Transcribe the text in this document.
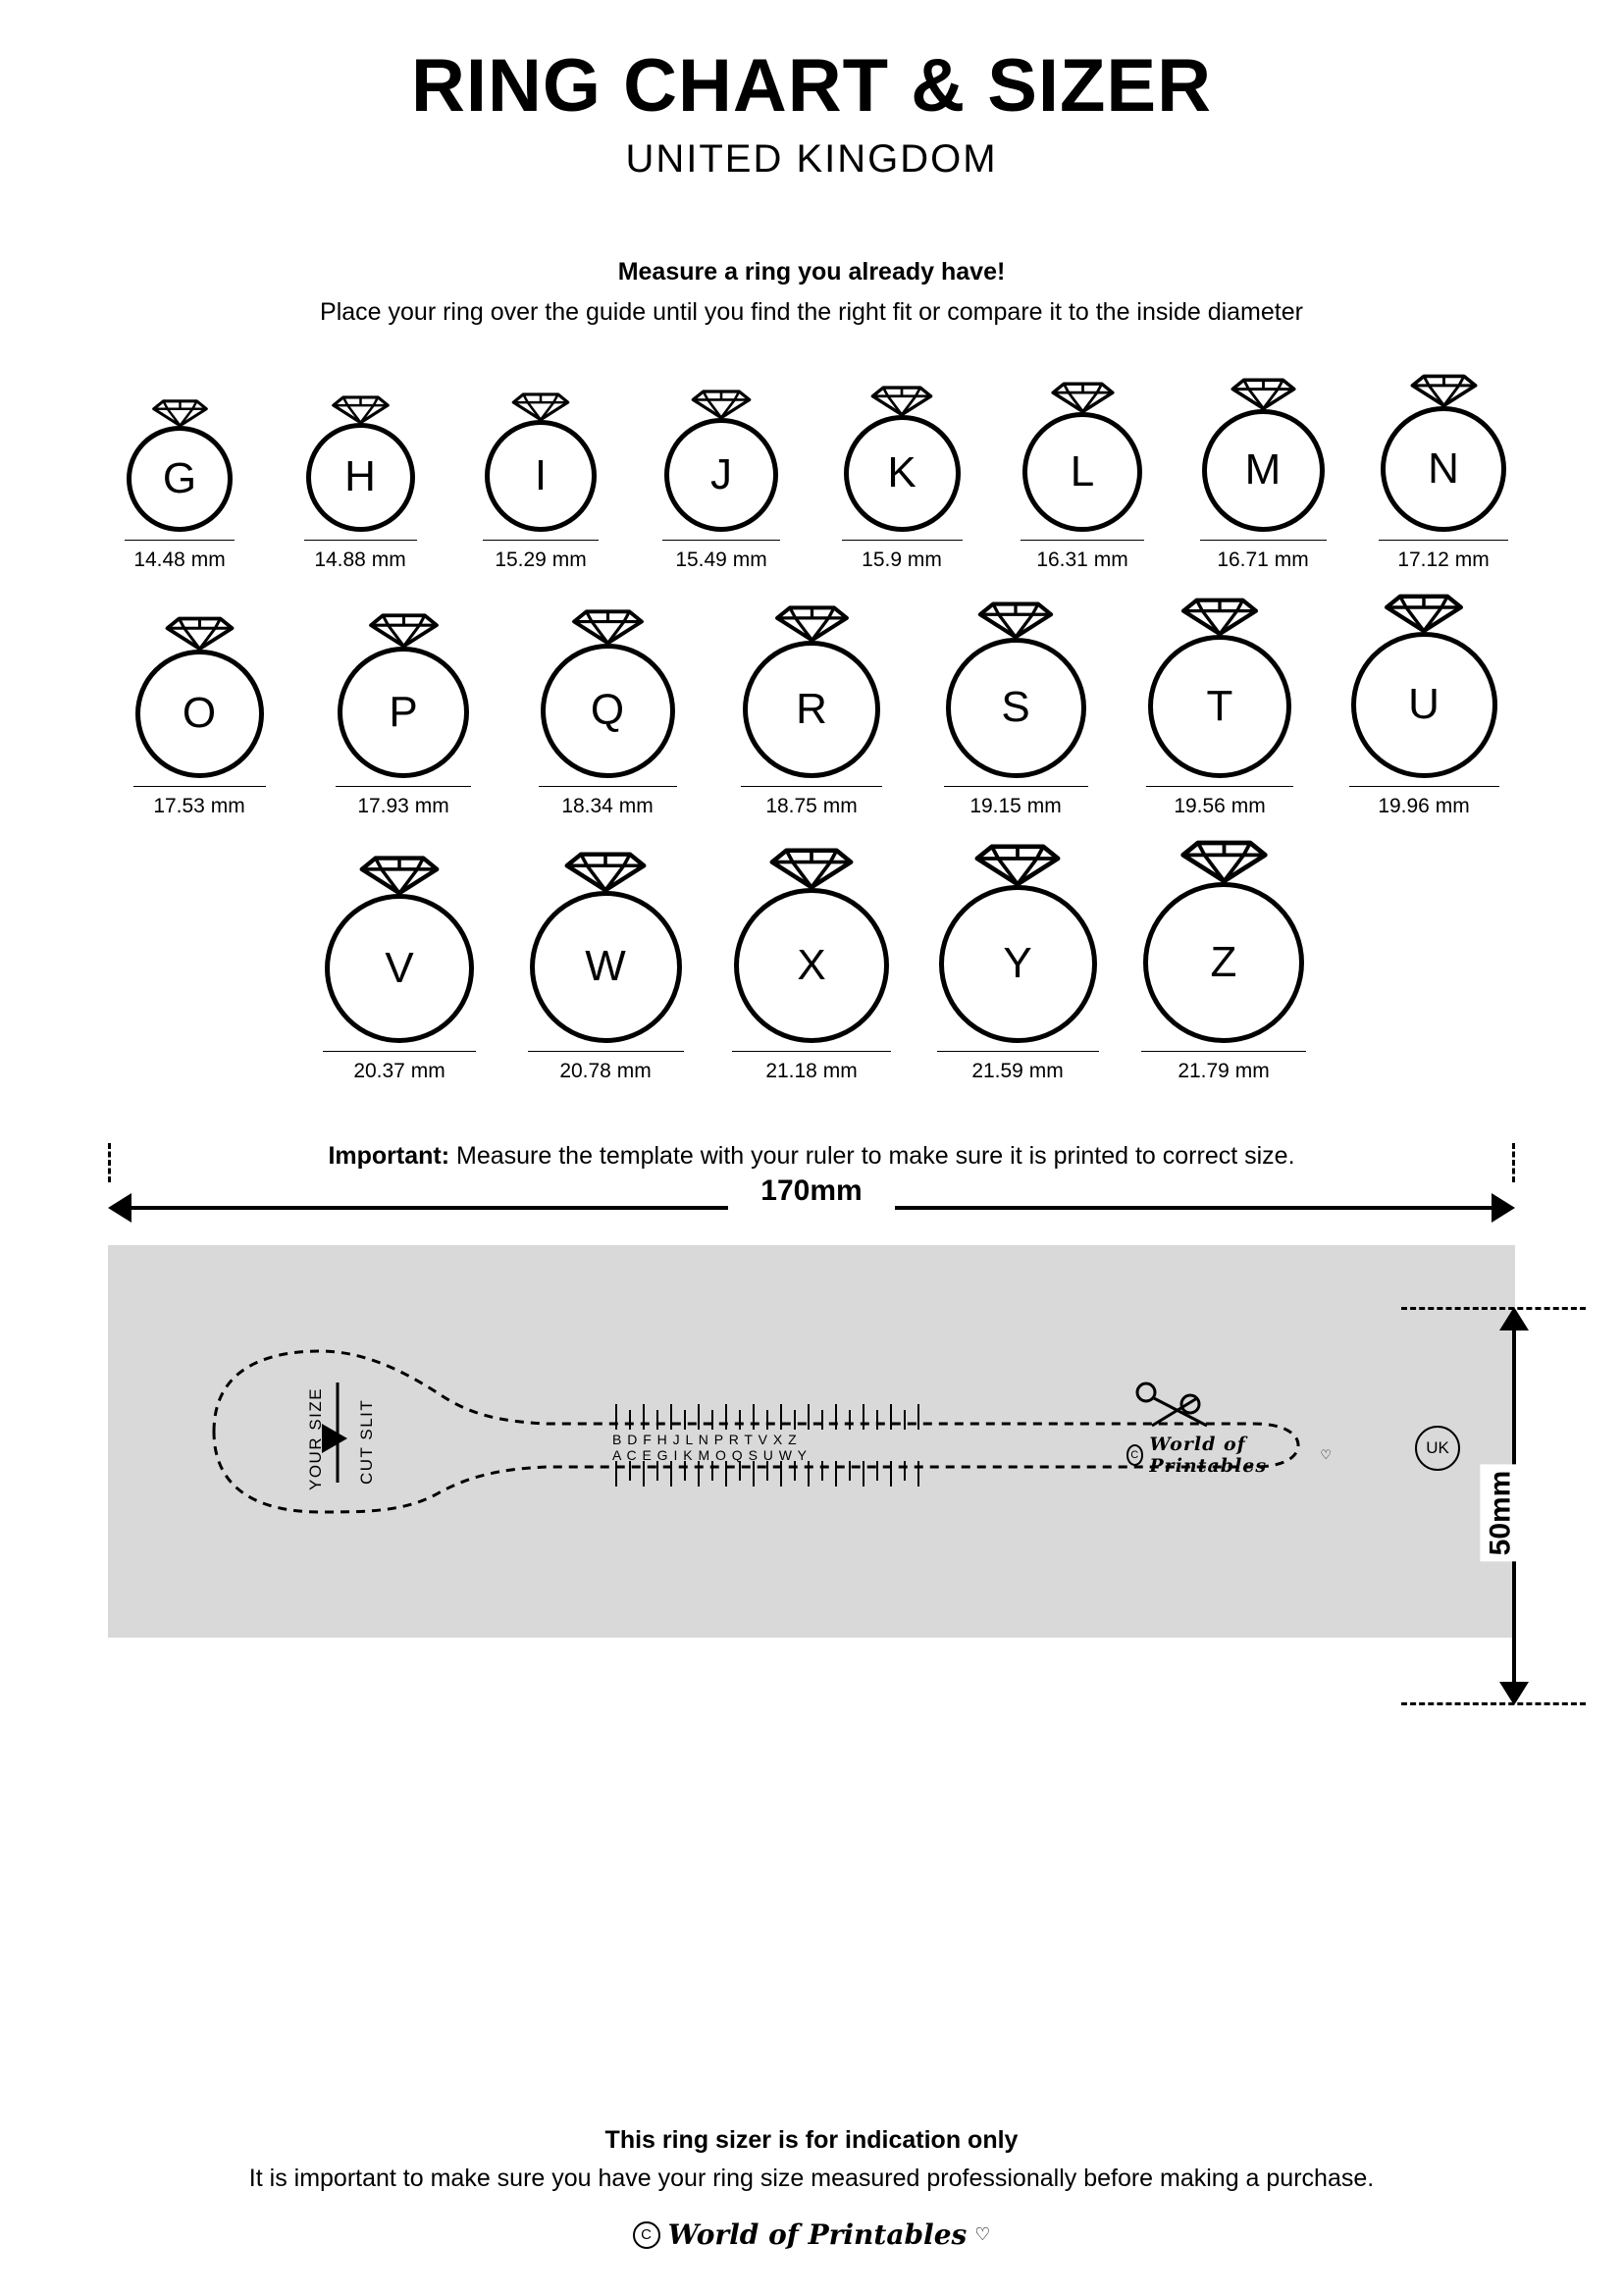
RING CHART & SIZER
UNITED KINGDOM
Measure a ring you already have!
Place your ring over the guide until you find the right fit or compare it to the inside diameter
G
14.48 mm
H
14.88 mm
I
15.29 mm
J
15.49 mm
K
15.9 mm
L
16.31 mm
M
16.71 mm
N
17.12 mm
O
17.53 mm
P
17.93 mm
Q
18.34 mm
R
18.75 mm
S
19.15 mm
T
19.56 mm
U
19.96 mm
V
20.37 mm
W
20.78 mm
X
21.18 mm
Y
21.59 mm
Z
21.79 mm
Important: Measure the template with your ruler to make sure it is printed to correct size.
170mm
YOUR SIZE CUT SLIT	B D F H J L N P R T V X Z
A C E G I K M O Q S U W Y	C World of Printables
♡	UK
50mm
This ring sizer is for indication only
It is important to make sure you have your ring size measured professionally before making a purchase.
C World of Printables ♡
